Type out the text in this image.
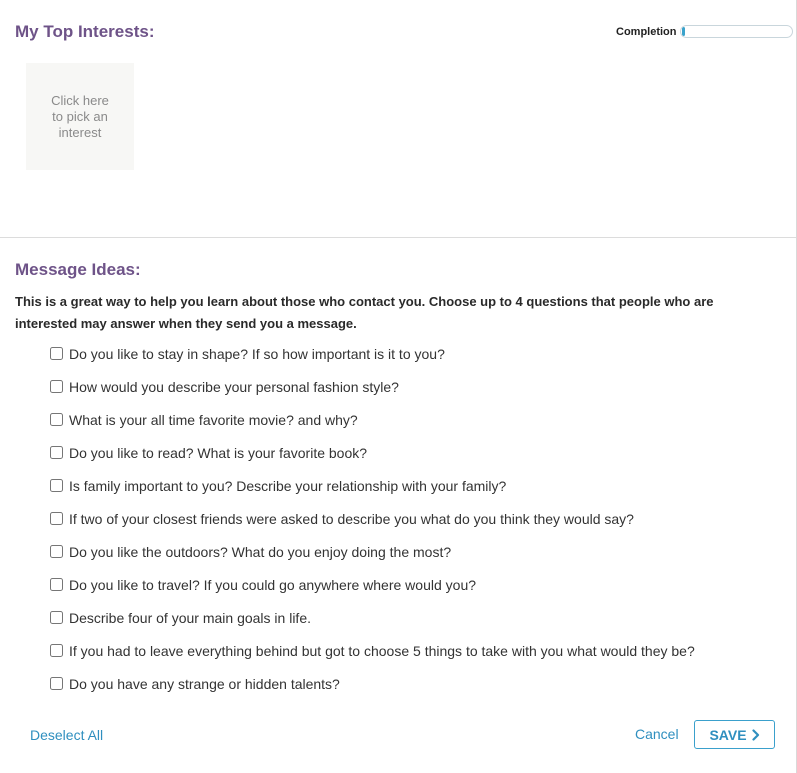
My Top Interests:	Completion
Click here to pick an interest
Message Ideas:

This is a great way to help you learn about those who contact you. Choose up to 4 questions that people who are interested may answer when they send you a message.

Do you like to stay in shape? If so how important is it to you?
How would you describe your personal fashion style?
What is your all time favorite movie? and why?
Do you like to read? What is your favorite book?
Is family important to you? Describe your relationship with your family?
If two of your closest friends were asked to describe you what do you think they would say?
Do you like the outdoors? What do you enjoy doing the most?
Do you like to travel? If you could go anywhere where would you?
Describe four of your main goals in life.
If you had to leave everything behind but got to choose 5 things to take with you what would they be?
Do you have any strange or hidden talents?
Deselect All	Cancel SAVE
